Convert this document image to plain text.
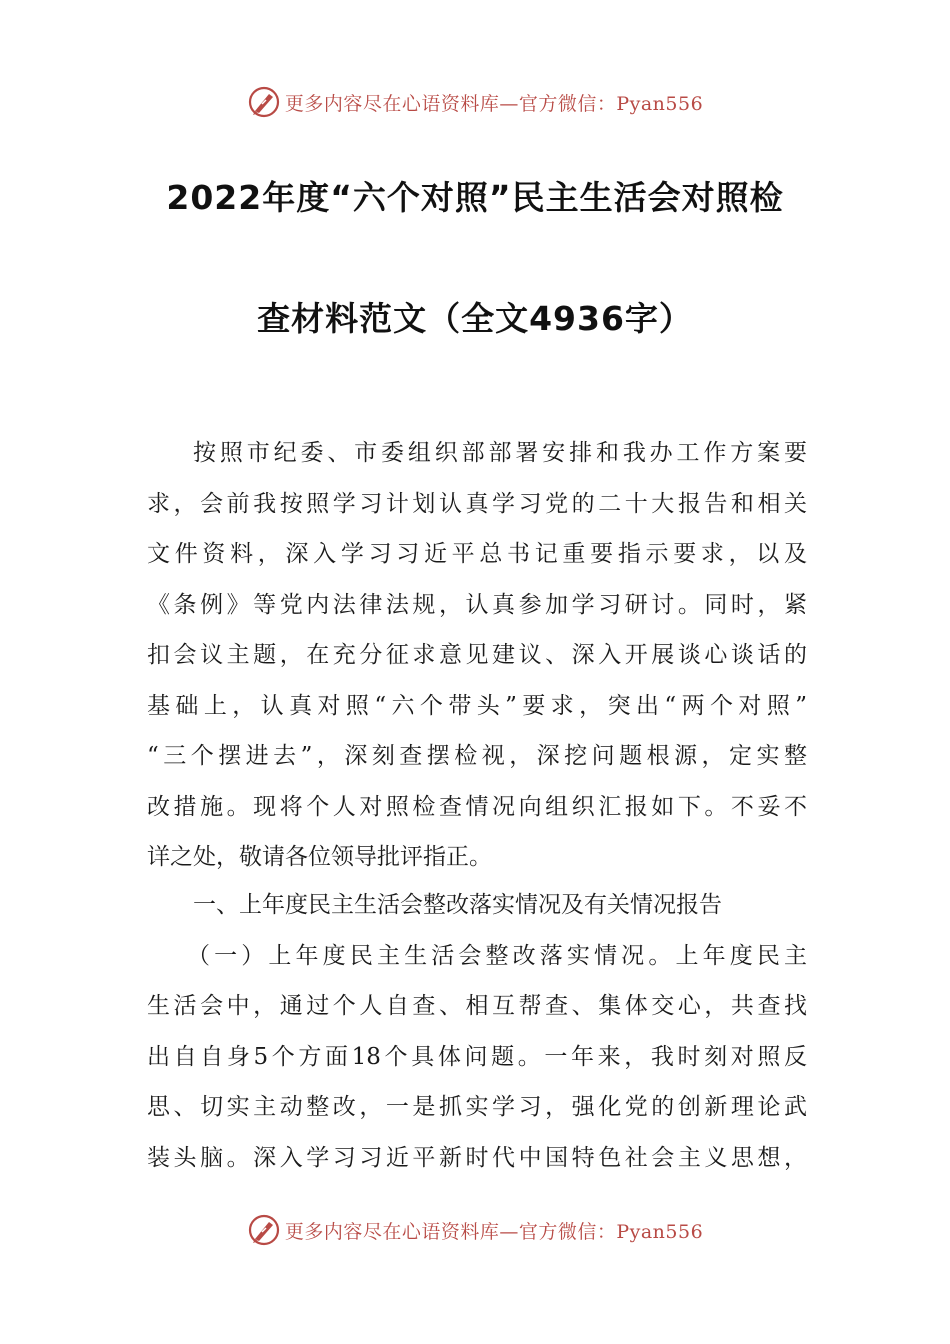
更多内容尽在心语资料库—官方微信：Pyan556
2022年度“六个对照”民主生活会对照检
查材料范文（全文4936字）
按照市纪委、市委组织部部署安排和我办工作方案要
求，会前我按照学习计划认真学习党的二十大报告和相关
文件资料，深入学习习近平总书记重要指示要求，以及
《条例》等党内法律法规，认真参加学习研讨。同时，紧
扣会议主题，在充分征求意见建议、深入开展谈心谈话的
基础上，认真对照“六个带头”要求，突出“两个对照”
“三个摆进去”，深刻查摆检视，深挖问题根源，定实整
改措施。现将个人对照检查情况向组织汇报如下。不妥不
详之处，敬请各位领导批评指正。
一、上年度民主生活会整改落实情况及有关情况报告
（一）上年度民主生活会整改落实情况。上年度民主
生活会中，通过个人自查、相互帮查、集体交心，共查找
出自自身5个方面18个具体问题。一年来，我时刻对照反
思、切实主动整改，一是抓实学习，强化党的创新理论武
装头脑。深入学习习近平新时代中国特色社会主义思想，
更多内容尽在心语资料库—官方微信：Pyan556
